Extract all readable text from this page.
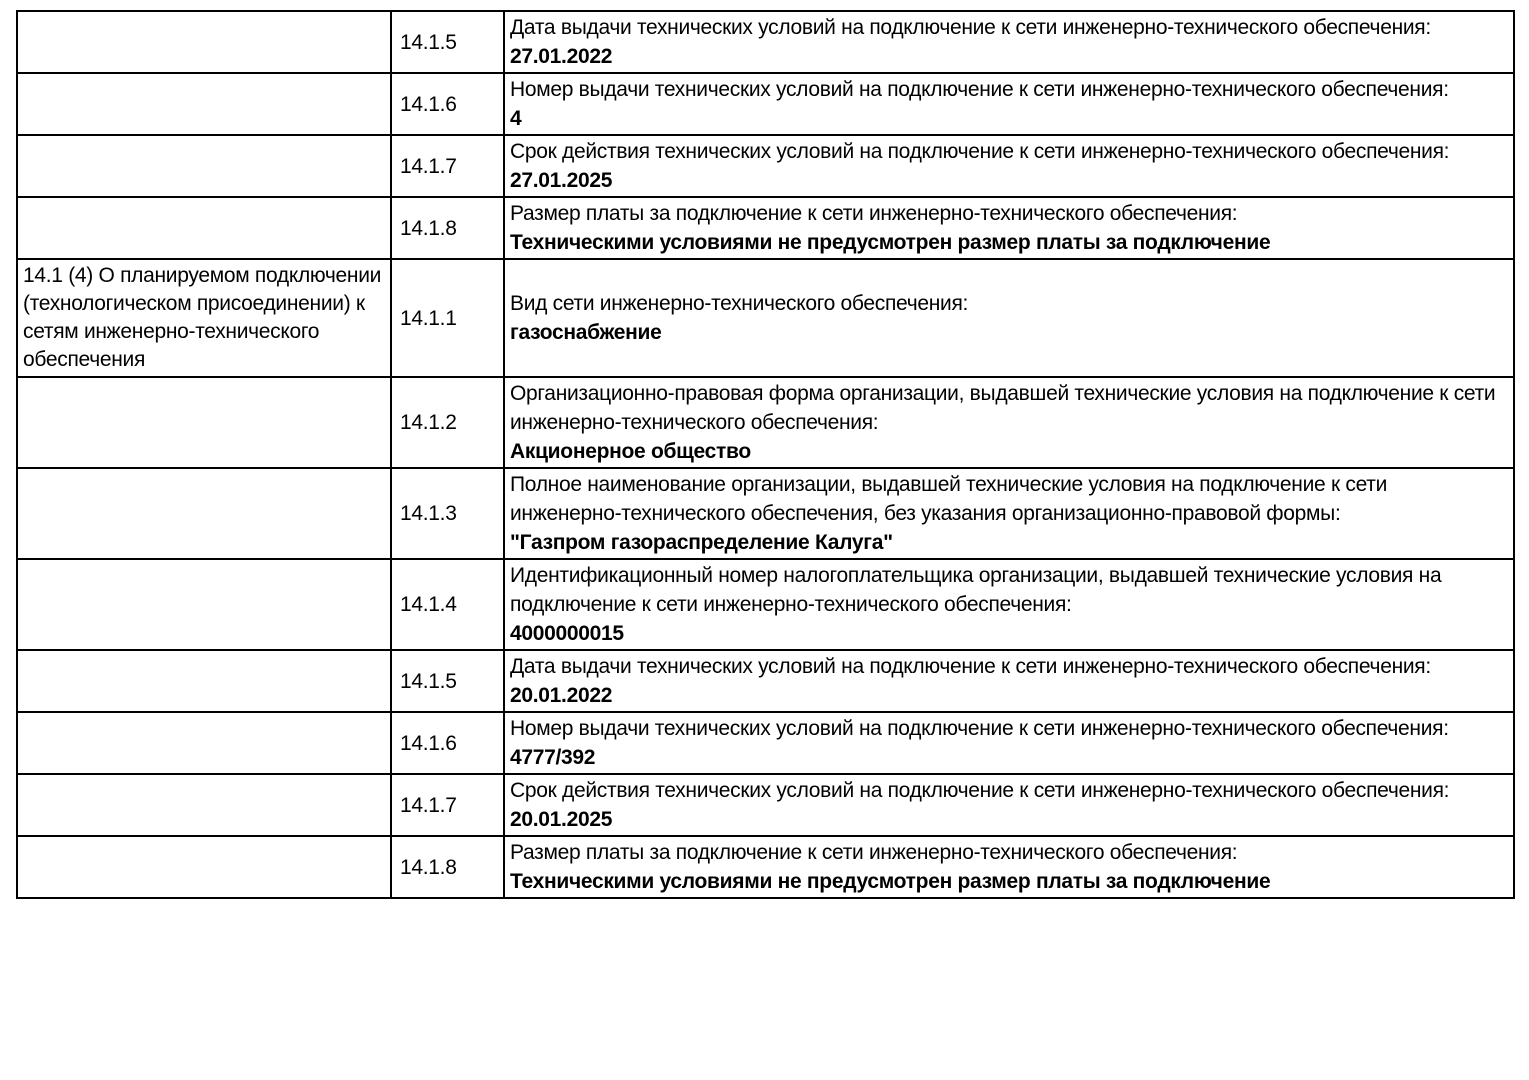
	14.1.5	Дата выдачи технических условий на подключение к сети инженерно-технического обеспечения:
27.01.2022

	14.1.6	Номер выдачи технических условий на подключение к сети инженерно-технического обеспечения:
4

	14.1.7	Срок действия технических условий на подключение к сети инженерно-технического обеспечения:
27.01.2025

	14.1.8	Размер платы за подключение к сети инженерно-технического обеспечения:
Техническими условиями не предусмотрен размер платы за подключение

14.1 (4) О планируемом подключении (технологическом присоединении) к сетям инженерно-технического обеспечения	14.1.1	Вид сети инженерно-технического обеспечения:
газоснабжение

	14.1.2	Организационно-правовая форма организации, выдавшей технические условия на подключение к сети инженерно-технического обеспечения:
Акционерное общество

	14.1.3	Полное наименование организации, выдавшей технические условия на подключение к сети инженерно-технического обеспечения, без указания организационно-правовой формы:
"Газпром газораспределение Калуга"

	14.1.4	Идентификационный номер налогоплательщика организации, выдавшей технические условия на подключение к сети инженерно-технического обеспечения:
4000000015

	14.1.5	Дата выдачи технических условий на подключение к сети инженерно-технического обеспечения:
20.01.2022

	14.1.6	Номер выдачи технических условий на подключение к сети инженерно-технического обеспечения:
4777/392

	14.1.7	Срок действия технических условий на подключение к сети инженерно-технического обеспечения:
20.01.2025

	14.1.8	Размер платы за подключение к сети инженерно-технического обеспечения:
Техническими условиями не предусмотрен размер платы за подключение
